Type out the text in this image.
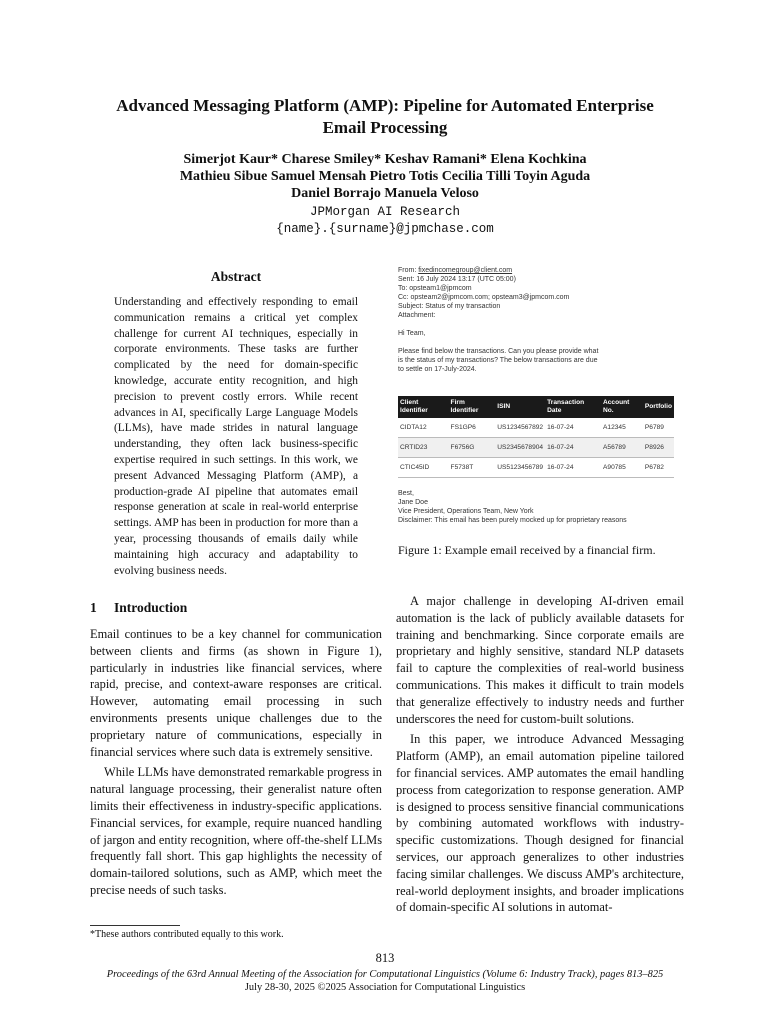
Advanced Messaging Platform (AMP): Pipeline for Automated Enterprise
Email Processing
Simerjot Kaur* Charese Smiley* Keshav Ramani* Elena Kochkina
Mathieu Sibue Samuel Mensah Pietro Totis Cecilia Tilli Toyin Aguda
Daniel Borrajo Manuela Veloso
JPMorgan AI Research
{name}.{surname}@jpmchase.com
Abstract
Understanding and effectively responding to email communication remains a critical yet complex challenge for current AI techniques, especially in corporate environments. These tasks are further complicated by the need for domain-specific knowledge, accurate entity recognition, and high precision to prevent costly errors. While recent advances in AI, specifically Large Language Models (LLMs), have made strides in natural language understanding, they often lack business-specific expertise required in such settings. In this work, we present Advanced Messaging Platform (AMP), a production-grade AI pipeline that automates email response generation at scale in real-world enterprise settings. AMP has been in production for more than a year, processing thousands of emails daily while maintaining high accuracy and adaptability to evolving business needs.
1 Introduction

Email continues to be a key channel for communication between clients and firms (as shown in Figure 1), particularly in industries like financial services, where rapid, precise, and context-aware responses are critical. However, automating email processing in such environments presents unique challenges due to the proprietary nature of communications, especially in financial services where such data is extremely sensitive.

While LLMs have demonstrated remarkable progress in natural language processing, their generalist nature often limits their effectiveness in industry-specific applications. Financial services, for example, require nuanced handling of jargon and entity recognition, where off-the-shelf LLMs frequently fall short. This gap highlights the necessity of domain-tailored solutions, such as AMP, which meet the precise needs of such tasks.

A major challenge in developing AI-driven email automation is the lack of publicly available datasets for training and benchmarking. Since corporate emails are proprietary and highly sensitive, standard NLP datasets fail to capture the complexities of real-world business communications. This makes it difficult to train models that generalize effectively to industry needs and further underscores the need for custom-built solutions.

In this paper, we introduce Advanced Messaging Platform (AMP), an email automation pipeline tailored for financial services. AMP automates the email handling process from categorization to response generation. AMP is designed to process sensitive financial communications by combining automated workflows with industry-specific customizations. Though designed for financial services, our approach generalizes to other industries facing similar challenges. We discuss AMP's architecture, real-world deployment insights, and broader implications of domain-specific AI solutions in automat-

From: fixedincomegroup@client.com
Sent: 16 July 2024 13:17 (UTC 05:00)
To: opsteam1@jpmcom
Cc: opsteam2@jpmcom.com; opsteam3@jpmcom.com
Subject: Status of my transaction
Attachment:
Hi Team,
Please find below the transactions. Can you please provide what
is the status of my transactions? The below transactions are due
to settle on 17-July-2024.
Client Identifier	Firm Identifier	ISIN	Transaction Date	Account No.	Portfolio
CIDTA12	FS1GP6	US1234567892	16-07-24	A12345	P6789
CRTID23	F6756G	US2345678904	16-07-24	A56789	P8926
CTIC45ID	F5738T	US5123456789	16-07-24	A90785	P6782
Best,
Jane Doe
Vice President, Operations Team, New York
Disclaimer: This email has been purely mocked up for proprietary reasons
Figure 1: Example email received by a financial firm.
*These authors contributed equally to this work.
813
Proceedings of the 63rd Annual Meeting of the Association for Computational Linguistics (Volume 6: Industry Track), pages 813–825
July 28-30, 2025 ©2025 Association for Computational Linguistics
